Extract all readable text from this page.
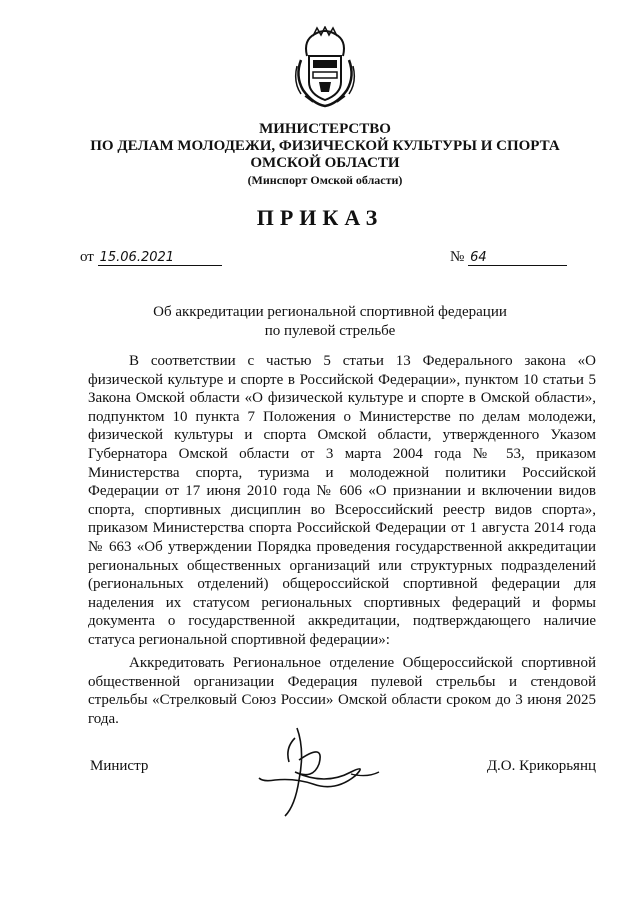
МИНИСТЕРСТВО
ПО ДЕЛАМ МОЛОДЕЖИ, ФИЗИЧЕСКОЙ КУЛЬТУРЫ И СПОРТА
ОМСКОЙ ОБЛАСТИ
(Минспорт Омской области)
ПРИКАЗ
от 15.06.2021	№ 64
Об аккредитации региональной спортивной федерации
по пулевой стрельбе

В соответствии с частью 5 статьи 13 Федерального закона «О физической культуре и спорте в Российской Федерации», пунктом 10 статьи 5 Закона Омской области «О физической культуре и спорте в Омской области», подпунктом 10 пункта 7 Положения о Министерстве по делам молодежи, физической культуры и спорта Омской области, утвержденного Указом Губернатора Омской области от 3 марта 2004 года № 53, приказом Министерства спорта, туризма и молодежной политики Российской Федерации от 17 июня 2010 года № 606 «О признании и включении видов спорта, спортивных дисциплин во Всероссийский реестр видов спорта», приказом Министерства спорта Российской Федерации от 1 августа 2014 года № 663 «Об утверждении Порядка проведения государственной аккредитации региональных общественных организаций или структурных подразделений (региональных отделений) общероссийской спортивной федерации для наделения их статусом региональных спортивных федераций и формы документа о государственной аккредитации, подтверждающего наличие статуса региональной спортивной федерации»:

Аккредитовать Региональное отделение Общероссийской спортивной общественной организации Федерация пулевой стрельбы и стендовой стрельбы «Стрелковый Союз России» Омской области сроком до 3 июня 2025 года.

Министр	Д.О. Крикорьянц
